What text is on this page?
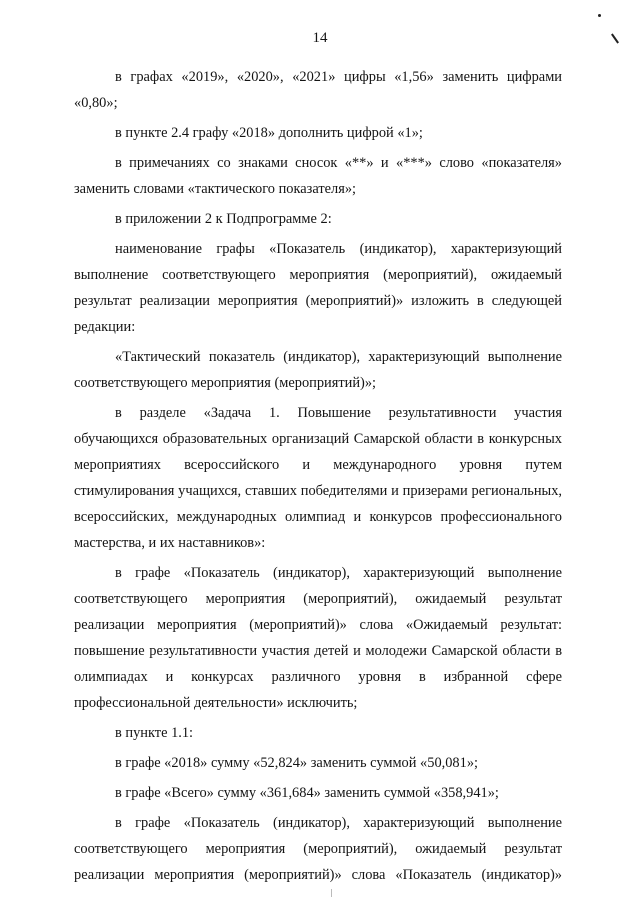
14

в графах «2019», «2020», «2021» цифры «1,56» заменить цифрами «0,80»;

в пункте 2.4 графу «2018» дополнить цифрой «1»;

в примечаниях со знаками сносок «**» и «***» слово «показателя» заменить словами «тактического показателя»;

в приложении 2 к Подпрограмме 2:

наименование графы «Показатель (индикатор), характеризующий выполнение соответствующего мероприятия (мероприятий), ожидаемый результат реализации мероприятия (мероприятий)» изложить в следующей редакции:

«Тактический показатель (индикатор), характеризующий выполнение соответствующего мероприятия (мероприятий)»;

в разделе «Задача 1. Повышение результативности участия обучающихся образовательных организаций Самарской области в конкурсных мероприятиях всероссийского и международного уровня путем стимулирования учащихся, ставших победителями и призерами региональных, всероссийских, международных олимпиад и конкурсов профессионального мастерства, и их наставников»:

в графе «Показатель (индикатор), характеризующий выполнение соответствующего мероприятия (мероприятий), ожидаемый результат реализации мероприятия (мероприятий)» слова «Ожидаемый результат: повышение результативности участия детей и молодежи Самарской области в олимпиадах и конкурсах различного уровня в избранной сфере профессиональной деятельности» исключить;

в пункте 1.1:

в графе «2018» сумму «52,824» заменить суммой «50,081»;

в графе «Всего» сумму «361,684» заменить суммой «358,941»;

в графе «Показатель (индикатор), характеризующий выполнение соответствующего мероприятия (мероприятий), ожидаемый результат реализации мероприятия (мероприятий)» слова «Показатель (индикатор)»
